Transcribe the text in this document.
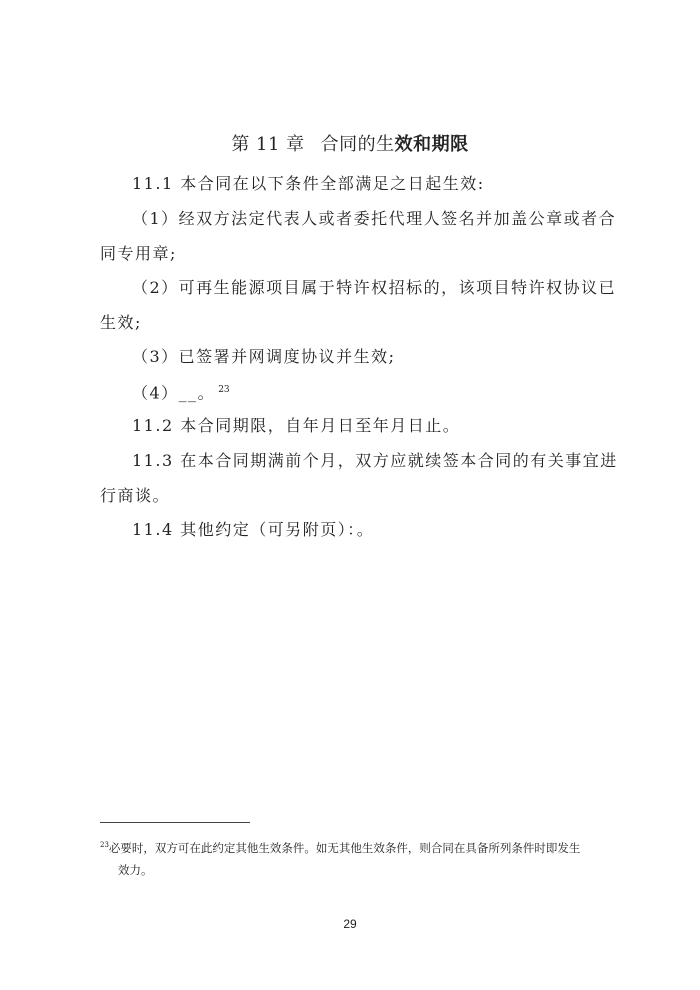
第 11 章 合同的生效和期限
11.1 本合同在以下条件全部满足之日起生效:
（1）经双方法定代表人或者委托代理人签名并加盖公章或者合
同专用章;
（2）可再生能源项目属于特许权招标的，该项目特许权协议已
生效;
（3）已签署并网调度协议并生效;
（4）__。 $^{23}$
11.2 本合同期限，自年月日至年月日止。
11.3 在本合同期满前个月，双方应就续签本合同的有关事宜进
行商谈。
11.4 其他约定（可另附页）：。
$^{23}$必要时，双方可在此约定其他生效条件。如无其他生效条件，则合同在具备所列条件时即发生
效力。
29
